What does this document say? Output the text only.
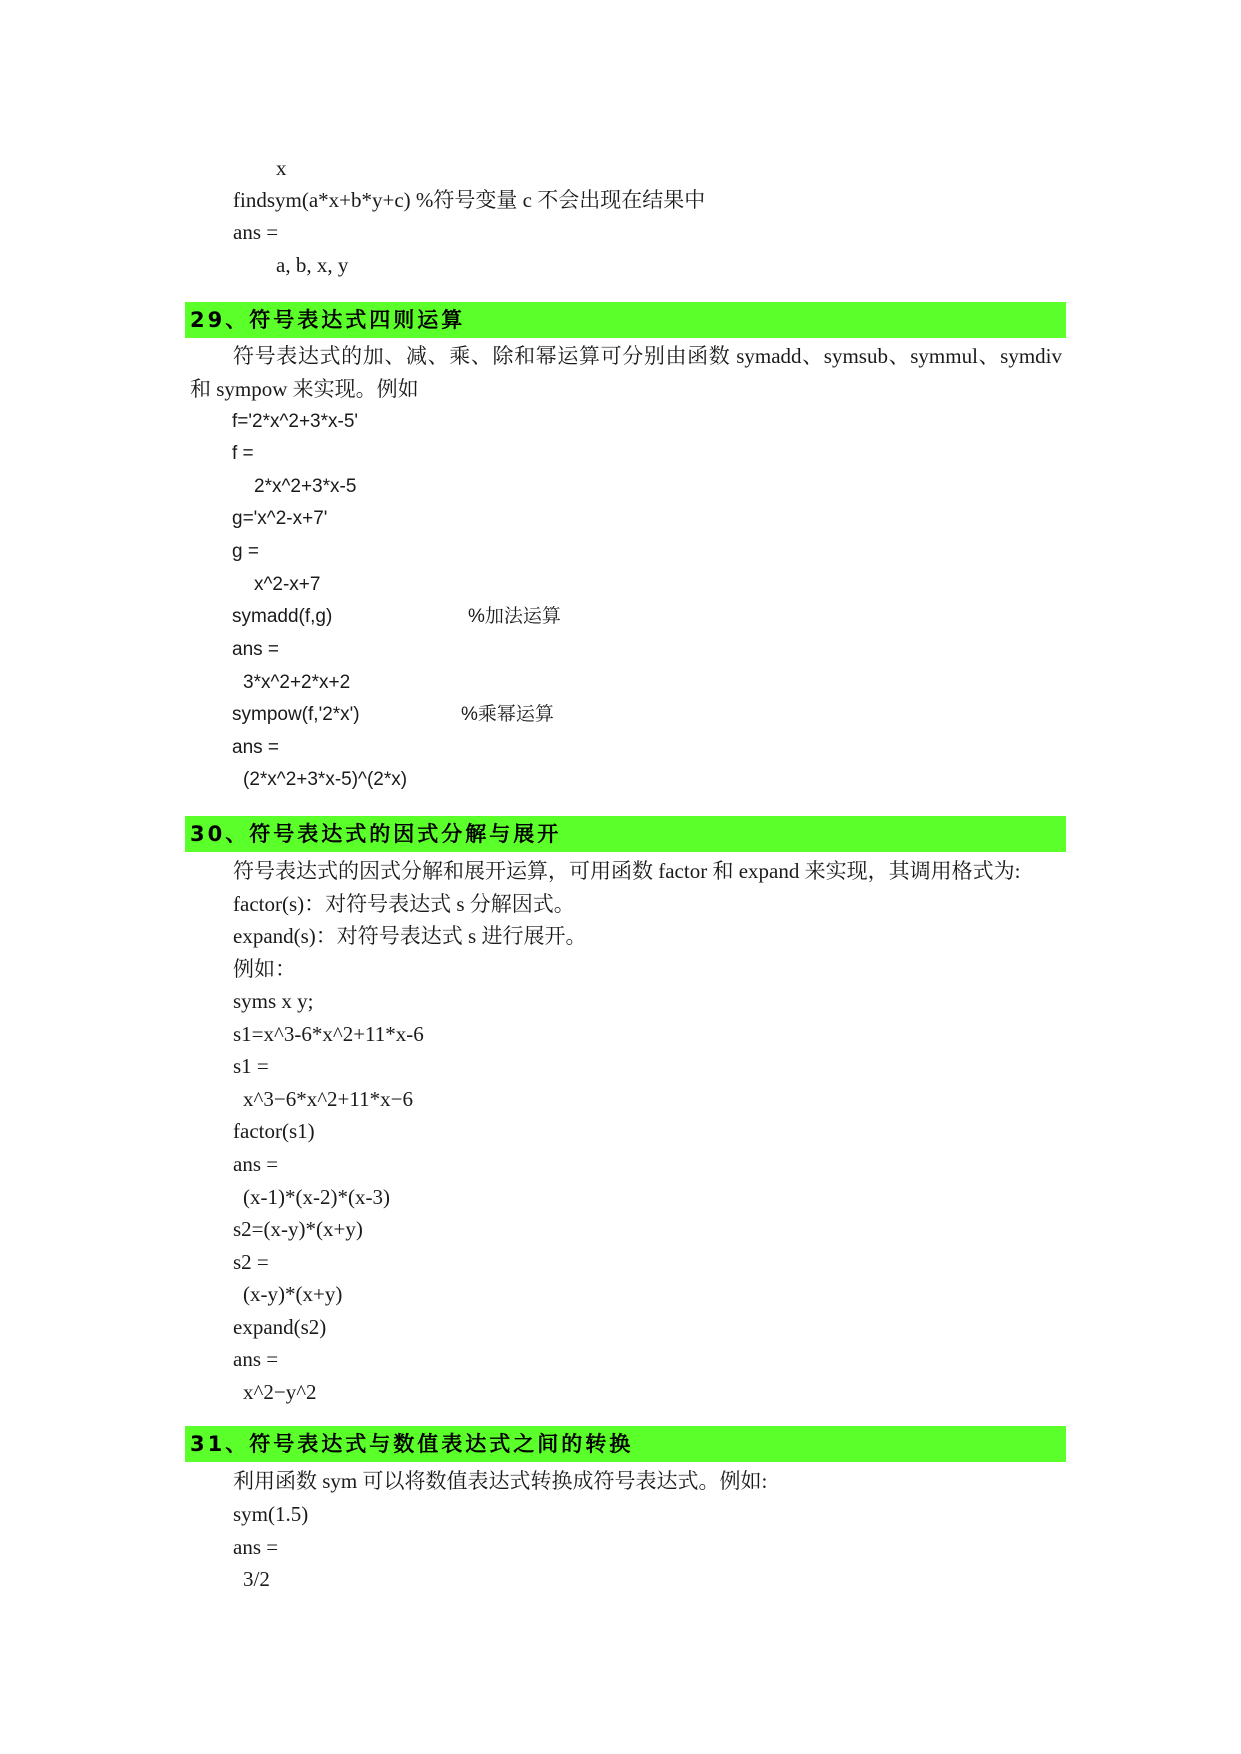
x
findsym(a*x+b*y+c) %符号变量 c 不会出现在结果中
ans =
a, b, x, y
29、符号表达式四则运算

符号表达式的加、减、乘、除和幂运算可分别由函数 symadd、symsub、symmul、symdiv 和 sympow 来实现。例如

f='2*x^2+3*x-5'
f =
2*x^2+3*x-5
g='x^2-x+7'
g =
x^2-x+7
symadd(f,g)	%加法运算
ans =
3*x^2+2*x+2
sympow(f,'2*x')	%乘幂运算
ans =
(2*x^2+3*x-5)^(2*x)
30、符号表达式的因式分解与展开
符号表达式的因式分解和展开运算，可用函数 factor 和 expand 来实现，其调用格式为:
factor(s)：对符号表达式 s 分解因式。
expand(s)：对符号表达式 s 进行展开。
例如：
syms x y;
s1=x^3-6*x^2+11*x-6
s1 =
x^3−6*x^2+11*x−6
factor(s1)
ans =
(x-1)*(x-2)*(x-3)
s2=(x-y)*(x+y)
s2 =
(x-y)*(x+y)
expand(s2)
ans =
x^2−y^2
31、符号表达式与数值表达式之间的转换
利用函数 sym 可以将数值表达式转换成符号表达式。例如:
sym(1.5)
ans =
3/2
